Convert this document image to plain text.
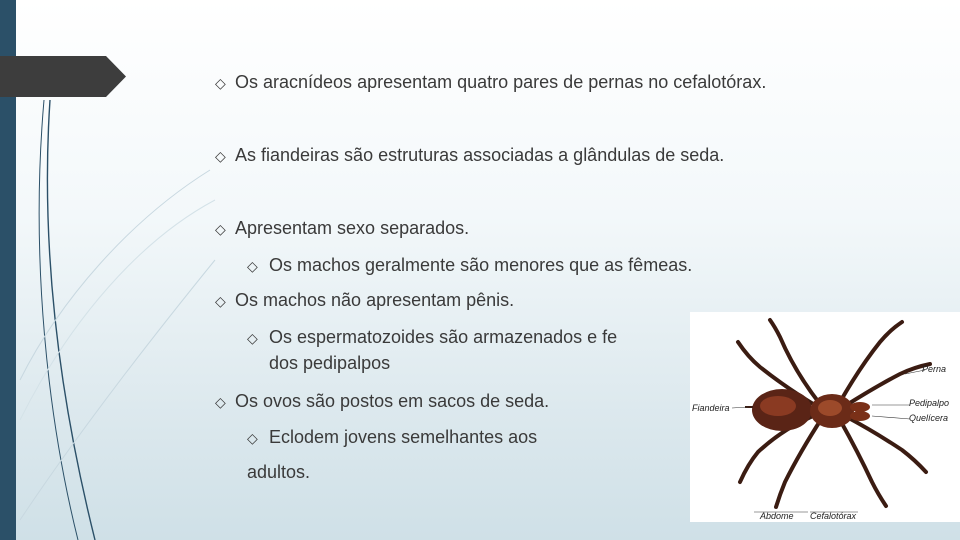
◇ Os aracnídeos apresentam quatro pares de pernas no cefalotórax.
◇ As fiandeiras são estruturas associadas a glândulas de seda.
◇ Apresentam sexo separados.
◇ Os machos geralmente são menores que as fêmeas.
◇ Os machos não apresentam pênis.
◇ Os espermatozoides são armazenados e fe
dos pedipalpos
◇ Os ovos são postos em sacos de seda.
◇ Eclodem jovens semelhantes aos
adultos.
Perna
Pedipalpo
Quelícera
Fiandeira
Abdome Cefalotórax
